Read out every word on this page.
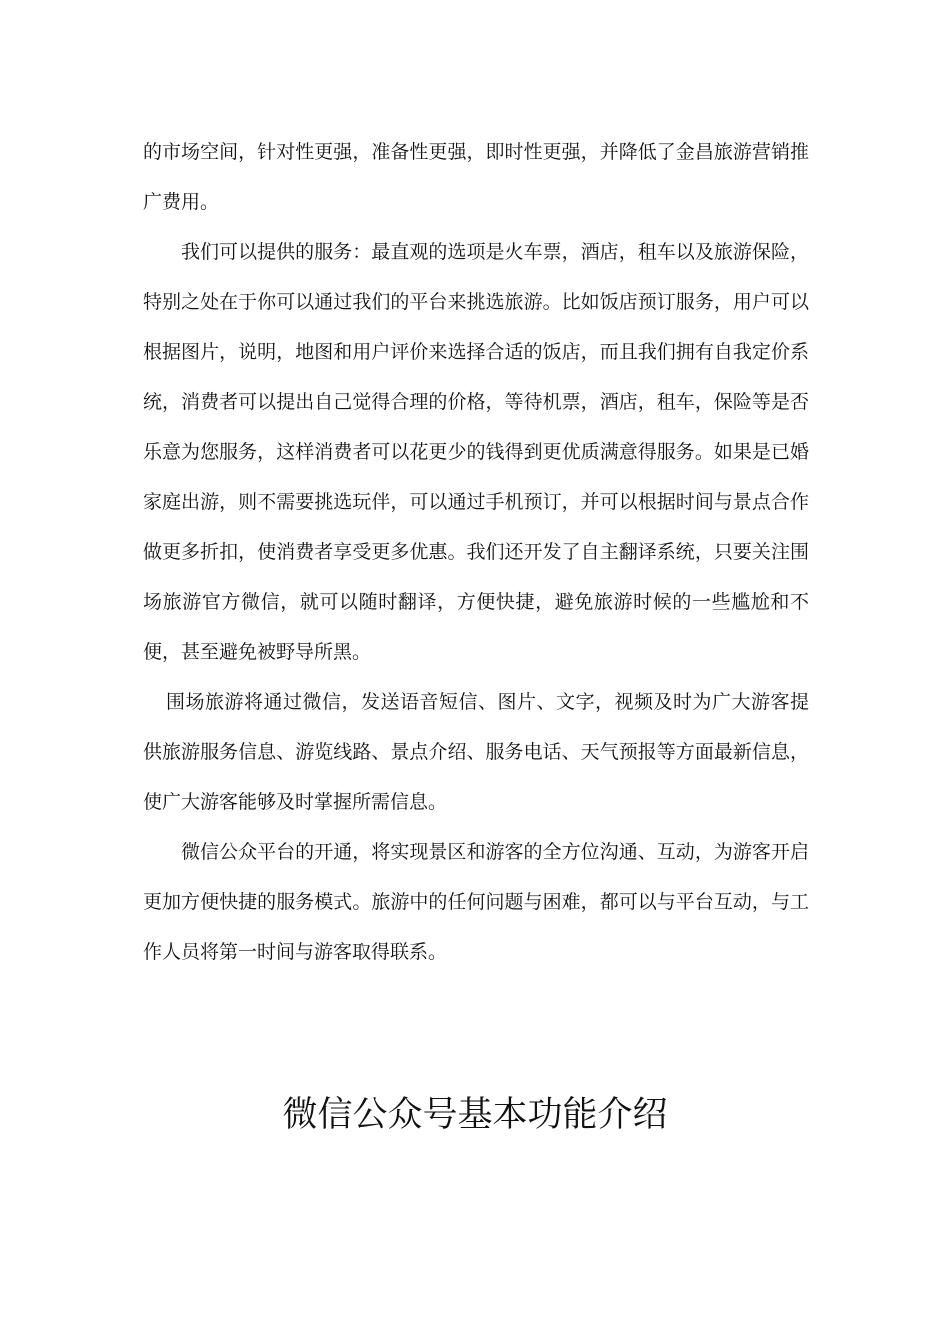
的市场空间，针对性更强，准备性更强，即时性更强，并降低了金昌旅游营销推广费用。

我们可以提供的服务：最直观的选项是火车票，酒店，租车以及旅游保险，特别之处在于你可以通过我们的平台来挑选旅游。比如饭店预订服务，用户可以根据图片，说明，地图和用户评价来选择合适的饭店，而且我们拥有自我定价系统，消费者可以提出自己觉得合理的价格，等待机票，酒店，租车，保险等是否乐意为您服务，这样消费者可以花更少的钱得到更优质满意得服务。如果是已婚家庭出游，则不需要挑选玩伴，可以通过手机预订，并可以根据时间与景点合作做更多折扣，使消费者享受更多优惠。我们还开发了自主翻译系统，只要关注围场旅游官方微信，就可以随时翻译，方便快捷，避免旅游时候的一些尴尬和不便，甚至避免被野导所黑。

围场旅游将通过微信，发送语音短信、图片、文字，视频及时为广大游客提供旅游服务信息、游览线路、景点介绍、服务电话、天气预报等方面最新信息，使广大游客能够及时掌握所需信息。

微信公众平台的开通，将实现景区和游客的全方位沟通、互动，为游客开启更加方便快捷的服务模式。旅游中的任何问题与困难，都可以与平台互动，与工作人员将第一时间与游客取得联系。

微信公众号基本功能介绍
